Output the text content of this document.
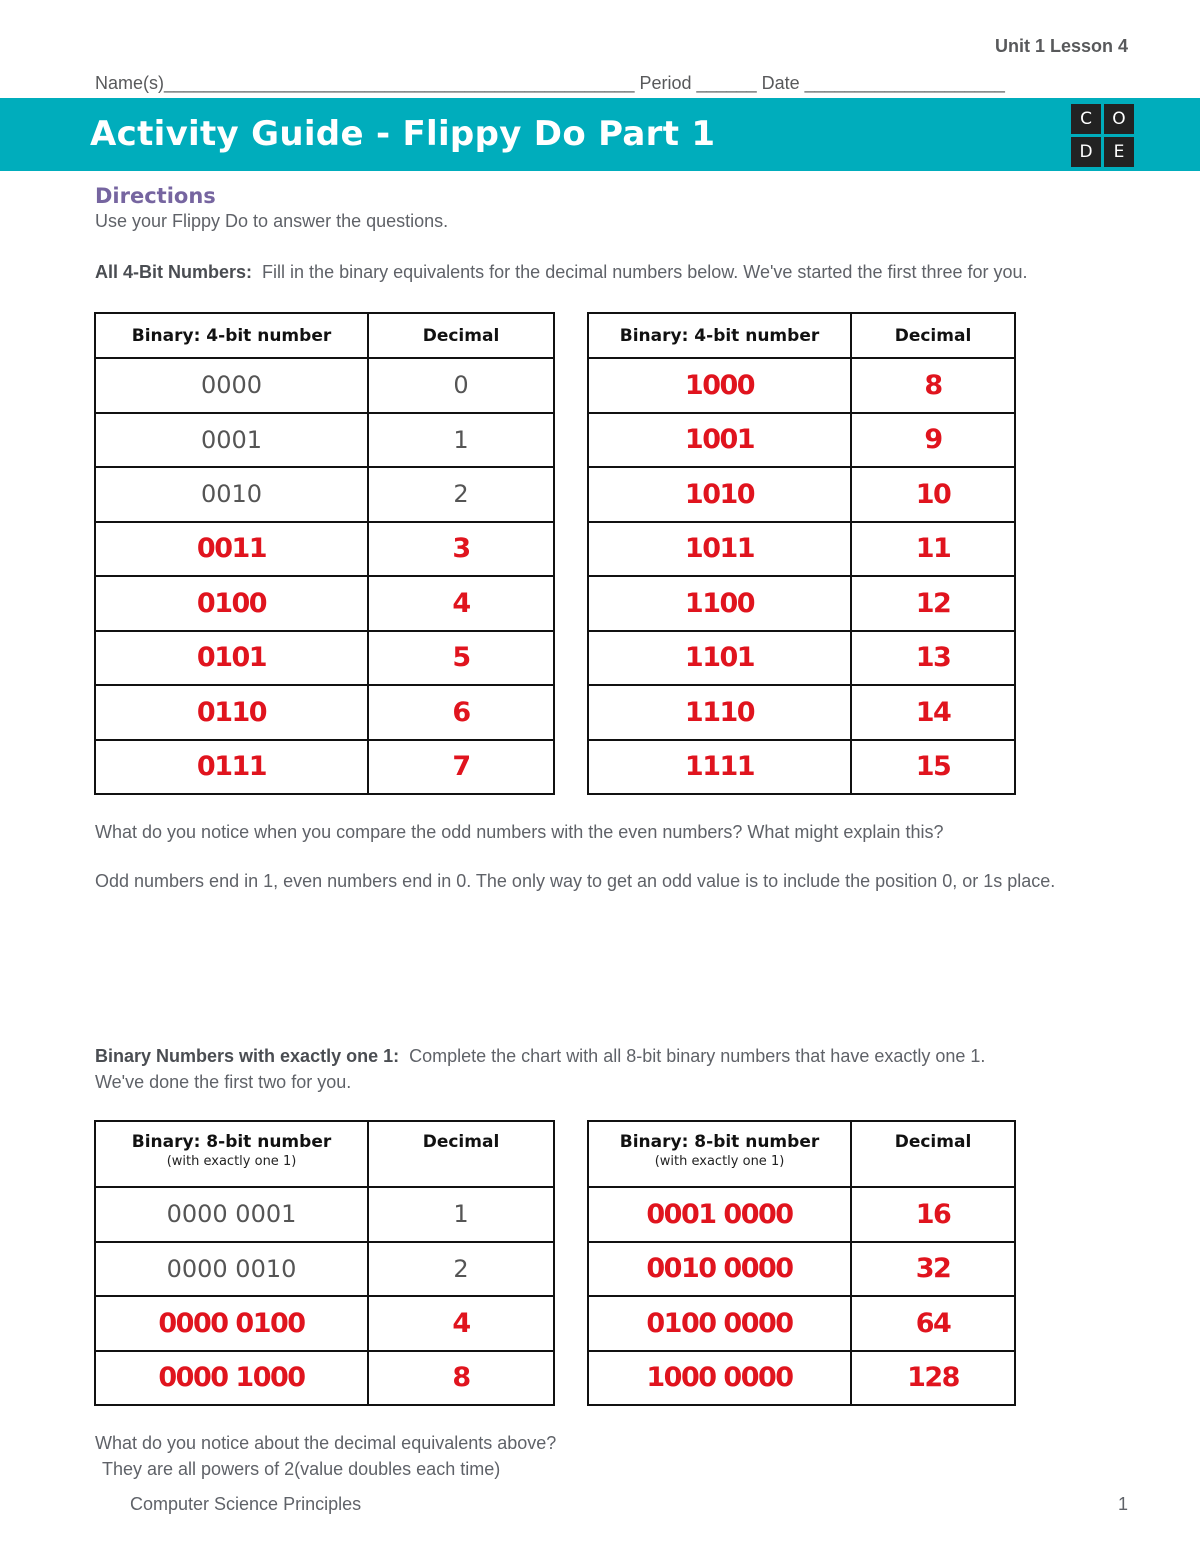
Unit 1 Lesson 4
Name(s)_______________________________________________ Period ______ Date ____________________
Activity Guide - Flippy Do Part 1	C	O
D	E
Directions
Use your Flippy Do to answer the questions.
All 4-Bit Numbers: Fill in the binary equivalents for the decimal numbers below. We've started the first three for you.
Binary: 4-bit number	Decimal
0000	0
0001	1
0010	2
0011	3
0100	4
0101	5
0110	6
0111	7
Binary: 4-bit number	Decimal
1000	8
1001	9
1010	10
1011	11
1100	12
1101	13
1110	14
1111	15
What do you notice when you compare the odd numbers with the even numbers? What might explain this?
Odd numbers end in 1, even numbers end in 0. The only way to get an odd value is to include the position 0, or 1s place.
Binary Numbers with exactly one 1: Complete the chart with all 8-bit binary numbers that have exactly one 1.
We've done the first two for you.
Binary: 8-bit number
(with exactly one 1)	Decimal
0000 0001	1
0000 0010	2
0000 0100	4
0000 1000	8
Binary: 8-bit number
(with exactly one 1)	Decimal
0001 0000	16
0010 0000	32
0100 0000	64
1000 0000	128
What do you notice about the decimal equivalents above?
They are all powers of 2(value doubles each time)
Computer Science Principles	1
